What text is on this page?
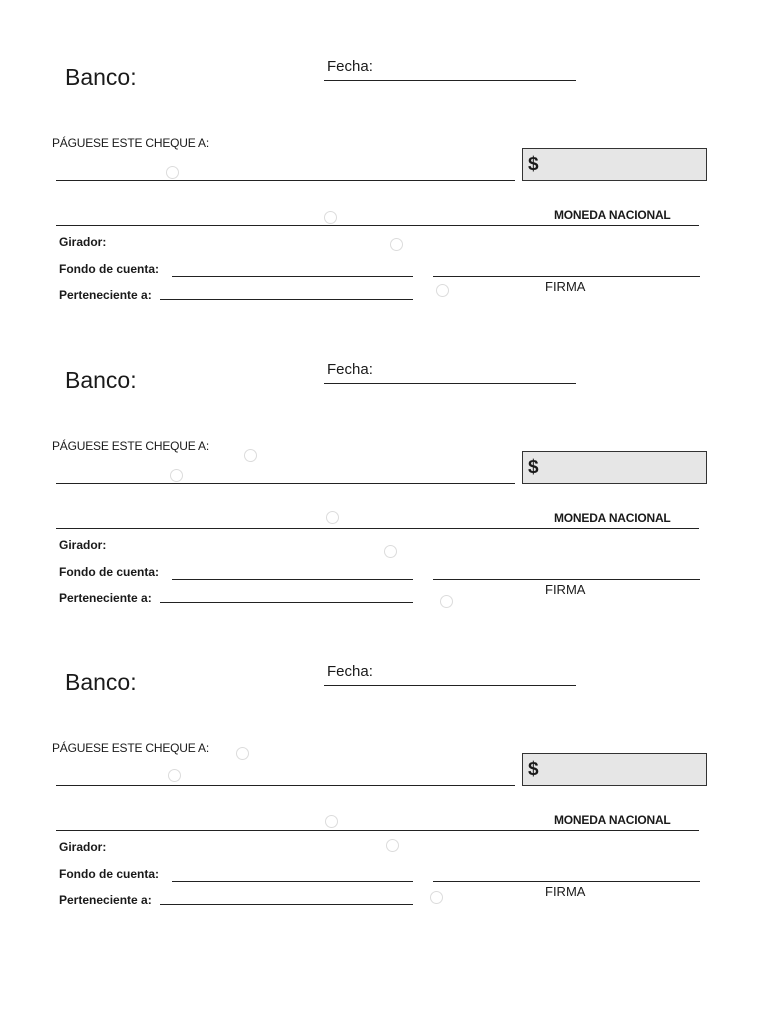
Banco:	Fecha:
PÁGUESE ESTE CHEQUE A:
$
MONEDA NACIONAL
Girador:
Fondo de cuenta:
Perteneciente a:
FIRMA
Banco:	Fecha:
PÁGUESE ESTE CHEQUE A:
$
MONEDA NACIONAL
Girador:
Fondo de cuenta:
Perteneciente a:
FIRMA
Banco:	Fecha:
PÁGUESE ESTE CHEQUE A:
$
MONEDA NACIONAL
Girador:
Fondo de cuenta:
Perteneciente a:
FIRMA
